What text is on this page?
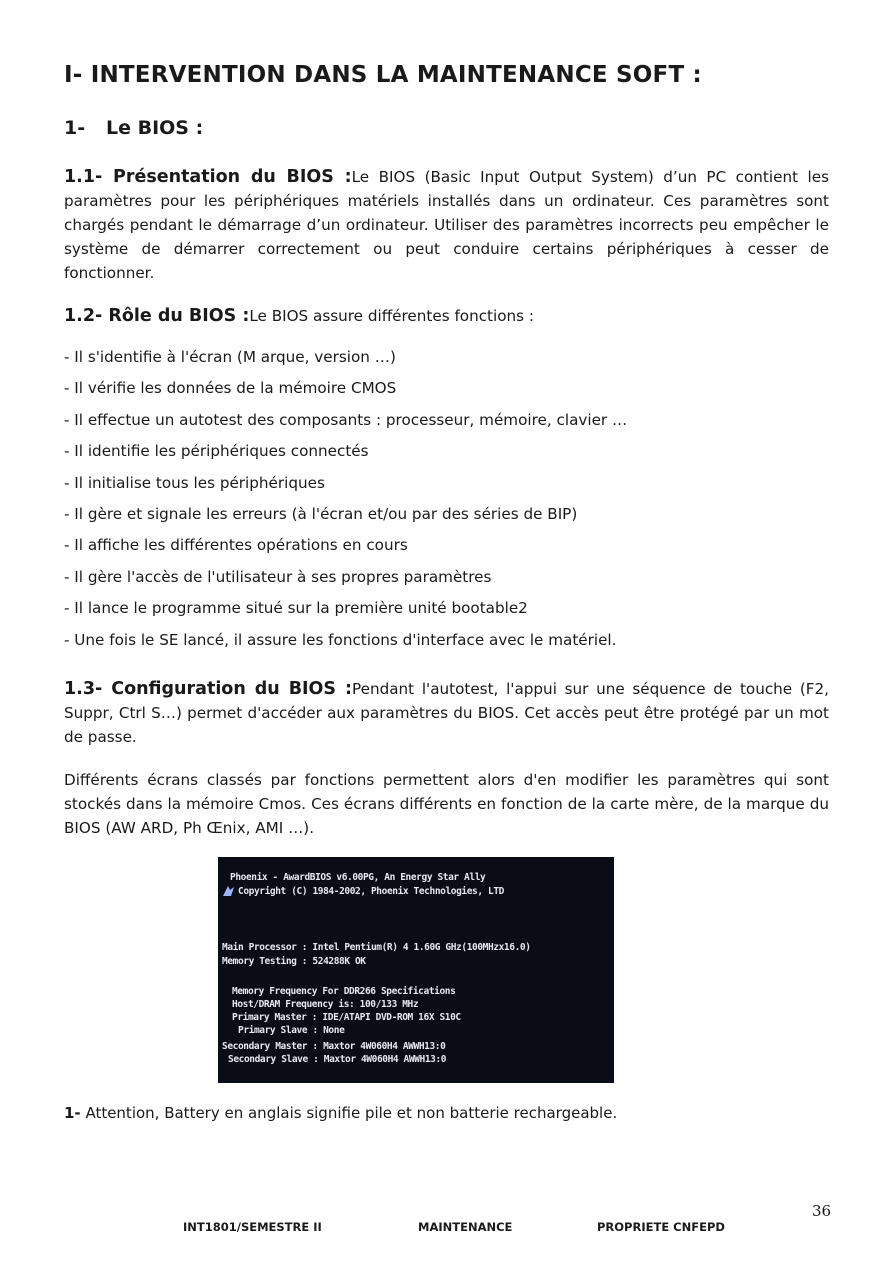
I- INTERVENTION DANS LA MAINTENANCE SOFT :
1- Le BIOS :

1.1- Présentation du BIOS :Le BIOS (Basic Input Output System) d’un PC contient les paramètres pour les périphériques matériels installés dans un ordinateur. Ces paramètres sont chargés pendant le démarrage d’un ordinateur. Utiliser des paramètres incorrects peu empêcher le système de démarrer correctement ou peut conduire certains périphériques à cesser de fonctionner.

1.2- Rôle du BIOS :Le BIOS assure différentes fonctions :

- Il s'identifie à l'écran (M arque, version …)
- Il vérifie les données de la mémoire CMOS
- Il effectue un autotest des composants : processeur, mémoire, clavier …
- Il identifie les périphériques connectés
- Il initialise tous les périphériques
- Il gère et signale les erreurs (à l'écran et/ou par des séries de BIP)
- Il affiche les différentes opérations en cours
- Il gère l'accès de l'utilisateur à ses propres paramètres
- Il lance le programme situé sur la première unité bootable2
- Une fois le SE lancé, il assure les fonctions d'interface avec le matériel.

1.3- Configuration du BIOS :Pendant l'autotest, l'appui sur une séquence de touche (F2, Suppr, Ctrl S…) permet d'accéder aux paramètres du BIOS. Cet accès peut être protégé par un mot de passe.

Différents écrans classés par fonctions permettent alors d'en modifier les paramètres qui sont stockés dans la mémoire Cmos. Ces écrans différents en fonction de la carte mère, de la marque du BIOS (AW ARD, Ph Œnix, AMI …).

Phoenix - AwardBIOS v6.00PG, An Energy Star Ally
Copyright (C) 1984-2002, Phoenix Technologies, LTD
Main Processor : Intel Pentium(R) 4 1.60G GHz(100MHzx16.0)
Memory Testing : 524288K OK
Memory Frequency For DDR266 Specifications
Host/DRAM Frequency is: 100/133 MHz
Primary Master : IDE/ATAPI DVD-ROM 16X S10C
Primary Slave : None
Secondary Master : Maxtor 4W060H4 AWWH13:0
Secondary Slave : Maxtor 4W060H4 AWWH13:0
1- Attention, Battery en anglais signifie pile et non batterie rechargeable.
36
INT1801/SEMESTRE II	MAINTENANCE	PROPRIETE CNFEPD
